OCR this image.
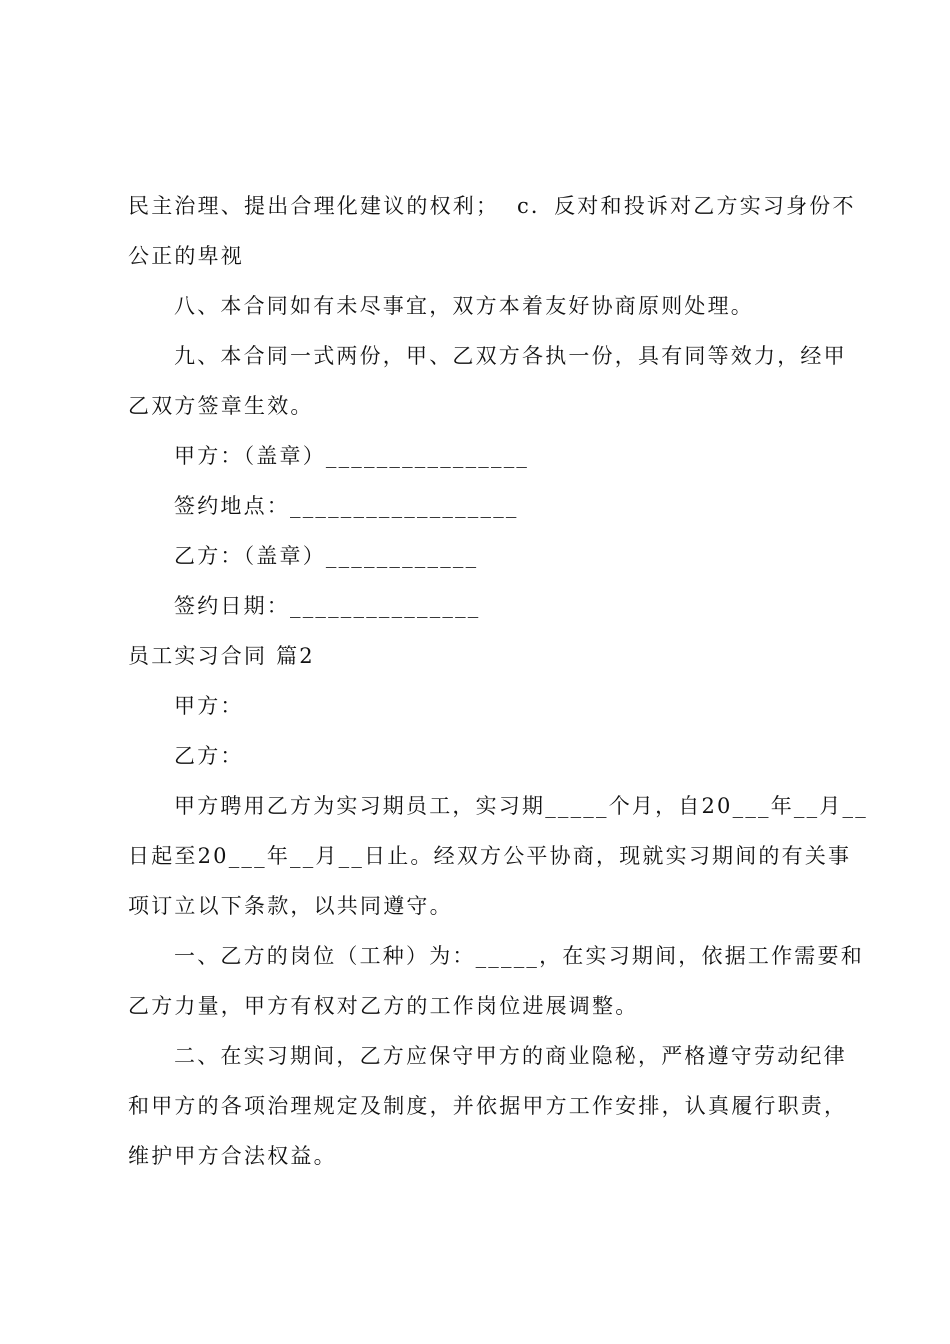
民主治理、提出合理化建议的权利；  c．反对和投诉对乙方实习身份不
公正的卑视
八、本合同如有未尽事宜，双方本着友好协商原则处理。
九、本合同一式两份，甲、乙双方各执一份，具有同等效力，经甲
乙双方签章生效。
甲方：（盖章）________________
签约地点：__________________
乙方：（盖章）____________
签约日期：_______________
员工实习合同 篇2
甲方：
乙方：
甲方聘用乙方为实习期员工，实习期_____个月，自20___年__月__
日起至20___年__月__日止。经双方公平协商，现就实习期间的有关事
项订立以下条款，以共同遵守。
一、乙方的岗位（工种）为：_____，在实习期间，依据工作需要和
乙方力量，甲方有权对乙方的工作岗位进展调整。
二、在实习期间，乙方应保守甲方的商业隐秘，严格遵守劳动纪律
和甲方的各项治理规定及制度，并依据甲方工作安排，认真履行职责，
维护甲方合法权益。
